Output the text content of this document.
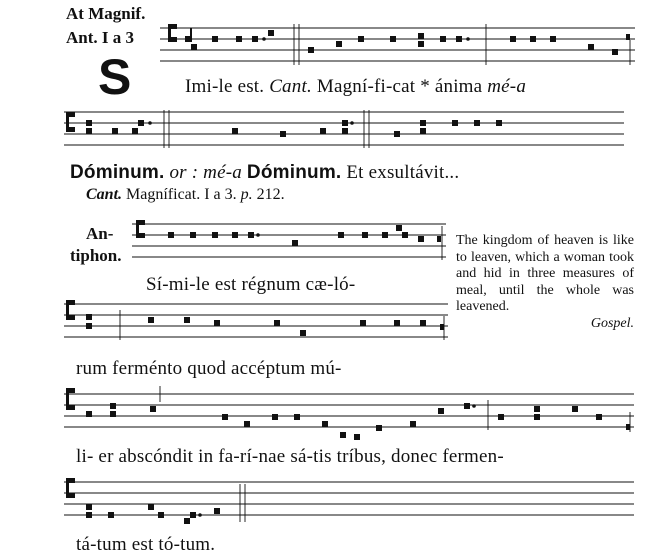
At Magnif.
Ant. I a 3
S	Imi-le est. Cant. Magní-fi-cat * ánima mé-a
Dóminum. or : mé-a Dóminum. Et exsultávit...
Cant. Magníficat. I a 3. p. 212.
An-
tiphon.
Sí-mi-le est régnum cæ-ló-
The kingdom of heaven is like to leaven, which a woman took and hid in three measures of meal, until the whole was leavened.
Gospel.
rum ferménto quod accéptum mú-
li- er abscóndit in fa-rí-nae sá-tis tríbus, donec fermen-
tá-tum est tó-tum.
